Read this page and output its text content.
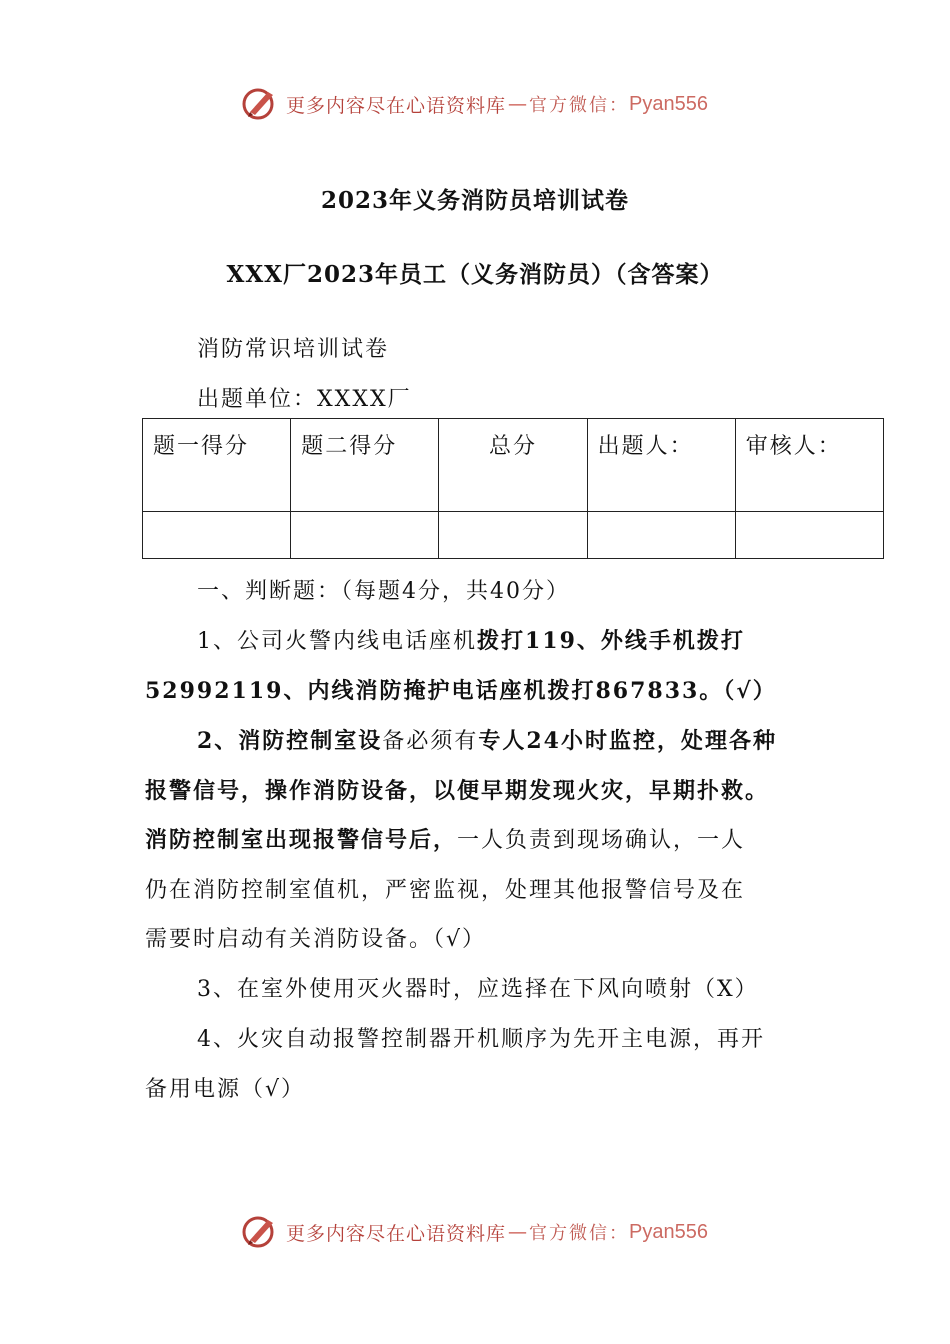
更多内容尽在心语资料库 — 官方微信： Pyan556
2023年义务消防员培训试卷
XXX厂2023年员工（义务消防员）（含答案）
消防常识培训试卷
出题单位：XXXX厂
题一得分	题二得分	总分	出题人：	审核人：

一、判断题：（每题4分，共40分）
1、公司火警内线电话座机拨打119、外线手机拨打
52992119、内线消防掩护电话座机拨打867833。（√）
2、消防控制室设备必须有专人24小时监控，处理各种
报警信号，操作消防设备，以便早期发现火灾，早期扑救。
消防控制室出现报警信号后，一人负责到现场确认，一人
仍在消防控制室值机，严密监视，处理其他报警信号及在
需要时启动有关消防设备。（√）
3、在室外使用灭火器时，应选择在下风向喷射（X）
4、火灾自动报警控制器开机顺序为先开主电源，再开
备用电源（√）
更多内容尽在心语资料库 — 官方微信： Pyan556
